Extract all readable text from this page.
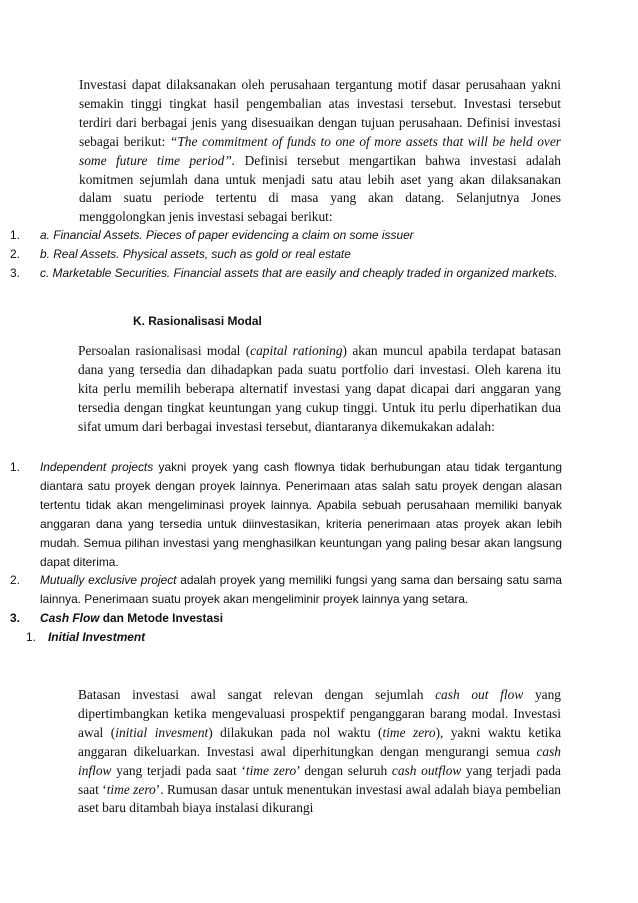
Investasi dapat dilaksanakan oleh perusahaan tergantung motif dasar perusahaan yakni semakin tinggi tingkat hasil pengembalian atas investasi tersebut. Investasi tersebut terdiri dari berbagai jenis yang disesuaikan dengan tujuan perusahaan. Definisi investasi sebagai berikut: “The commitment of funds to one of more assets that will be held over some future time period”. Definisi tersebut mengartikan bahwa investasi adalah komitmen sejumlah dana untuk menjadi satu atau lebih aset yang akan dilaksanakan dalam suatu periode tertentu di masa yang akan datang. Selanjutnya Jones menggolongkan jenis investasi sebagai berikut:
1.	a. Financial Assets. Pieces of paper evidencing a claim on some issuer
2.	b. Real Assets. Physical assets, such as gold or real estate
3.	c. Marketable Securities. Financial assets that are easily and cheaply traded in organized markets.
K. Rasionalisasi Modal
Persoalan rasionalisasi modal (capital rationing) akan muncul apabila terdapat batasan dana yang tersedia dan dihadapkan pada suatu portfolio dari investasi. Oleh karena itu kita perlu memilih beberapa alternatif investasi yang dapat dicapai dari anggaran yang tersedia dengan tingkat keuntungan yang cukup tinggi. Untuk itu perlu diperhatikan dua sifat umum dari berbagai investasi tersebut, diantaranya dikemukakan adalah:
1.	Independent projects yakni proyek yang cash flownya tidak berhubungan atau tidak tergantung diantara satu proyek dengan proyek lainnya. Penerimaan atas salah satu proyek dengan alasan tertentu tidak akan mengeliminasi proyek lainnya. Apabila sebuah perusahaan memiliki banyak anggaran dana yang tersedia untuk diinvestasikan, kriteria penerimaan atas proyek akan lebih mudah. Semua pilihan investasi yang menghasilkan keuntungan yang paling besar akan langsung dapat diterima.
2.	Mutually exclusive project adalah proyek yang memiliki fungsi yang sama dan bersaing satu sama lainnya. Penerimaan suatu proyek akan mengeliminir proyek lainnya yang setara.
3.	Cash Flow dan Metode Investasi
1.	Initial Investment
Batasan investasi awal sangat relevan dengan sejumlah cash out flow yang dipertimbangkan ketika mengevaluasi prospektif penganggaran barang modal. Investasi awal (initial invesment) dilakukan pada nol waktu (time zero), yakni waktu ketika anggaran dikeluarkan. Investasi awal diperhitungkan dengan mengurangi semua cash inflow yang terjadi pada saat ‘time zero’ dengan seluruh cash outflow yang terjadi pada saat ‘time zero’. Rumusan dasar untuk menentukan investasi awal adalah biaya pembelian aset baru ditambah biaya instalasi dikurangi
